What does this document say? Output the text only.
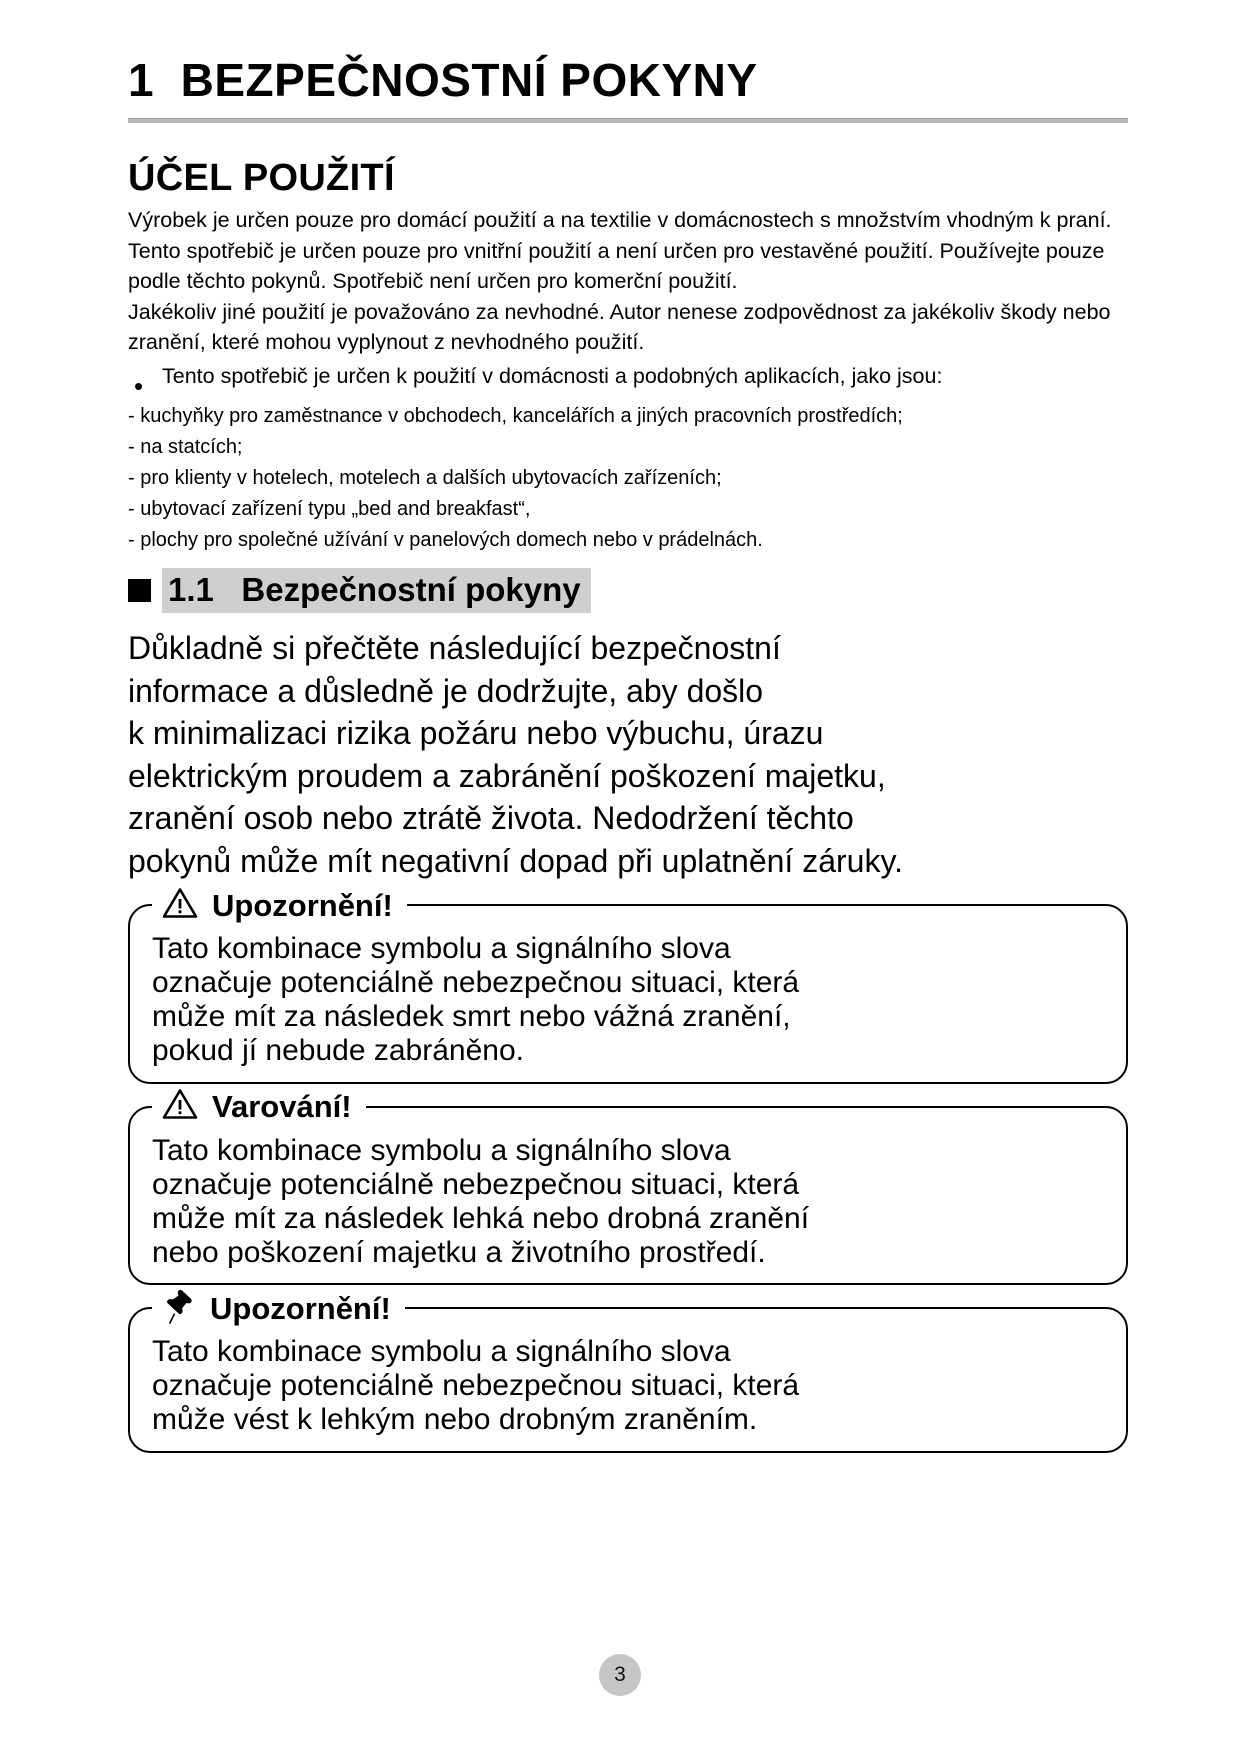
1  BEZPEČNOSTNÍ POKYNY
ÚČEL POUŽITÍ

Výrobek je určen pouze pro domácí použití a na textilie v domácnostech s množstvím vhodným k praní. Tento spotřebič je určen pouze pro vnitřní použití a není určen pro vestavěné použití. Používejte pouze podle těchto pokynů. Spotřebič není určen pro komerční použití.

Jakékoliv jiné použití je považováno za nevhodné. Autor nenese zodpovědnost za jakékoliv škody nebo zranění, které mohou vyplynout z nevhodného použití.

• Tento spotřebič je určen k použití v domácnosti a podobných aplikacích, jako jsou:
- kuchyňky pro zaměstnance v obchodech, kancelářích a jiných pracovních prostředích;
- na statcích;
- pro klienty v hotelech, motelech a dalších ubytovacích zařízeních;
- ubytovací zařízení typu „bed and breakfast“,
- plochy pro společné užívání v panelových domech nebo v prádelnách.
1.1   Bezpečnostní pokyny
Důkladně si přečtěte následující bezpečnostní
informace a důsledně je dodržujte, aby došlo
k minimalizaci rizika požáru nebo výbuchu, úrazu
elektrickým proudem a zabránění poškození majetku,
zranění osob nebo ztrátě života. Nedodržení těchto
pokynů může mít negativní dopad při uplatnění záruky.
Upozornění!
Tato kombinace symbolu a signálního slova
označuje potenciálně nebezpečnou situaci, která
může mít za následek smrt nebo vážná zranění,
pokud jí nebude zabráněno.
Varování!
Tato kombinace symbolu a signálního slova
označuje potenciálně nebezpečnou situaci, která
může mít za následek lehká nebo drobná zranění
nebo poškození majetku a životního prostředí.
Upozornění!
Tato kombinace symbolu a signálního slova
označuje potenciálně nebezpečnou situaci, která
může vést k lehkým nebo drobným zraněním.
3
